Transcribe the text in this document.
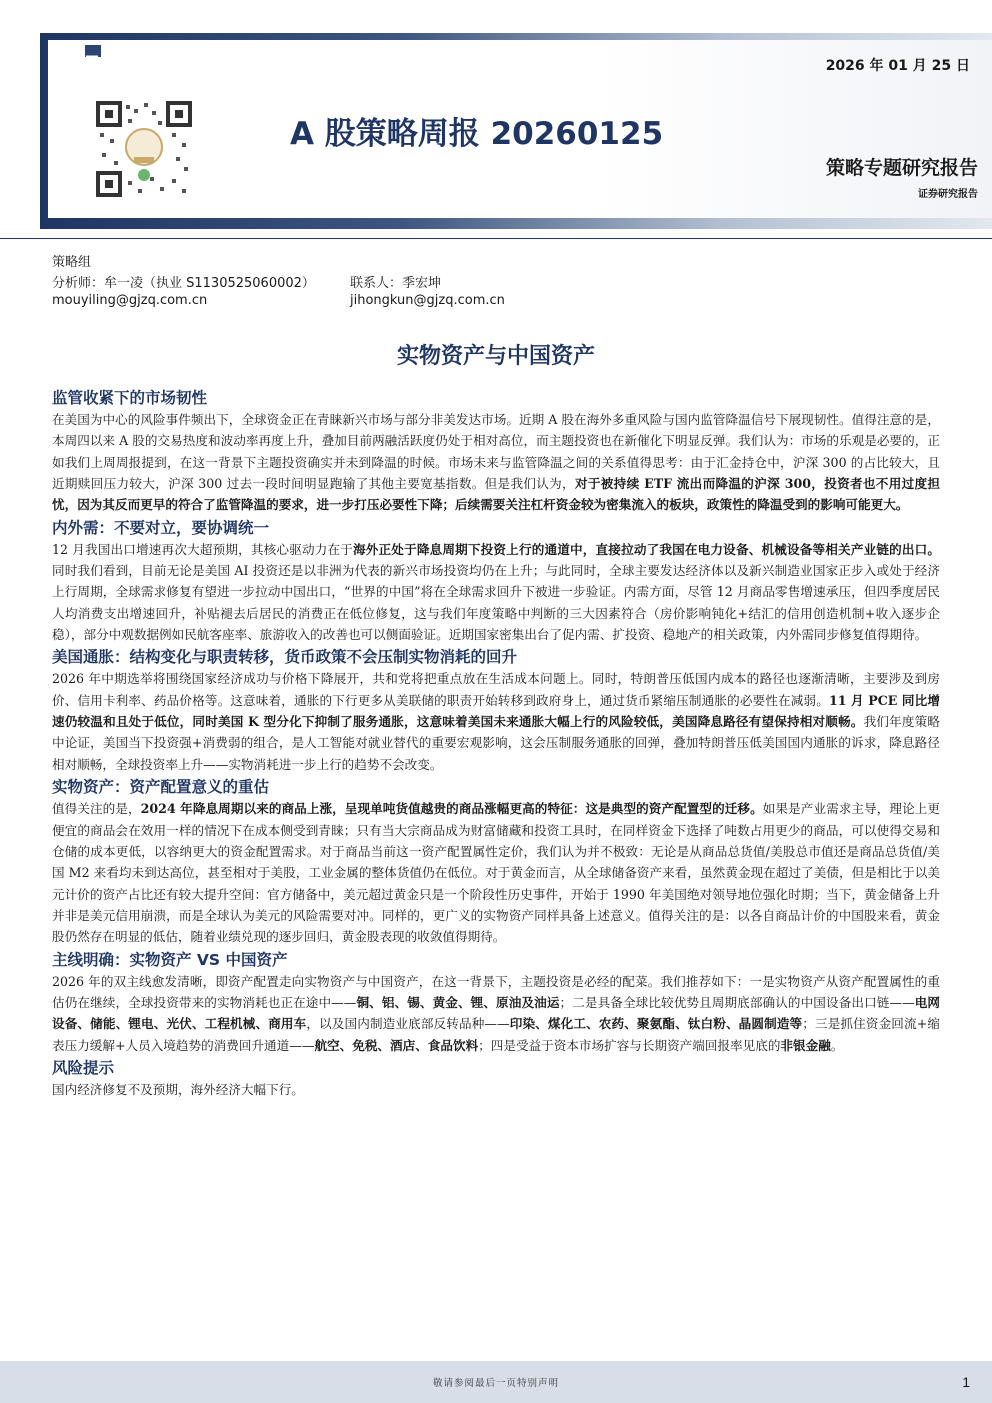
国金证券
SINOLINK SECURITIES	2026 年 01 月 25 日
A 股策略周报 20260125
策略专题研究报告
证券研究报告
策略组
分析师：牟一凌（执业 S1130525060002）	联系人：季宏坤
mouyiling@gjzq.com.cn	jihongkun@gjzq.com.cn
实物资产与中国资产
监管收紧下的市场韧性

在美国为中心的风险事件频出下，全球资金正在青睐新兴市场与部分非美发达市场。近期 A 股在海外多重风险与国内监管降温信号下展现韧性。值得注意的是，本周四以来 A 股的交易热度和波动率再度上升，叠加目前两融活跃度仍处于相对高位，而主题投资也在新催化下明显反弹。我们认为：市场的乐观是必要的，正如我们上周周报提到，在这一背景下主题投资确实并未到降温的时候。市场未来与监管降温之间的关系值得思考：由于汇金持仓中，沪深 300 的占比较大，且近期赎回压力较大，沪深 300 过去一段时间明显跑输了其他主要宽基指数。但是我们认为，对于被持续 ETF 流出而降温的沪深 300，投资者也不用过度担忧，因为其反而更早的符合了监管降温的要求，进一步打压必要性下降；后续需要关注杠杆资金较为密集流入的板块，政策性的降温受到的影响可能更大。

内外需：不要对立，要协调统一

12 月我国出口增速再次大超预期，其核心驱动力在于海外正处于降息周期下投资上行的通道中，直接拉动了我国在电力设备、机械设备等相关产业链的出口。同时我们看到，目前无论是美国 AI 投资还是以非洲为代表的新兴市场投资均仍在上升；与此同时，全球主要发达经济体以及新兴制造业国家正步入或处于经济上行周期，全球需求修复有望进一步拉动中国出口，“世界的中国”将在全球需求回升下被进一步验证。内需方面，尽管 12 月商品零售增速承压，但四季度居民人均消费支出增速回升，补贴褪去后居民的消费正在低位修复，这与我们年度策略中判断的三大因素符合（房价影响钝化+结汇的信用创造机制+收入逐步企稳），部分中观数据例如民航客座率、旅游收入的改善也可以侧面验证。近期国家密集出台了促内需、扩投资、稳地产的相关政策，内外需同步修复值得期待。

美国通胀：结构变化与职责转移，货币政策不会压制实物消耗的回升

2026 年中期选举将围绕国家经济成功与价格下降展开，共和党将把重点放在生活成本问题上。同时，特朗普压低国内成本的路径也逐渐清晰，主要涉及到房价、信用卡利率、药品价格等。这意味着，通胀的下行更多从美联储的职责开始转移到政府身上，通过货币紧缩压制通胀的必要性在减弱。11 月 PCE 同比增速仍较温和且处于低位，同时美国 K 型分化下抑制了服务通胀，这意味着美国未来通胀大幅上行的风险较低，美国降息路径有望保持相对顺畅。我们年度策略中论证，美国当下投资强+消费弱的组合，是人工智能对就业替代的重要宏观影响，这会压制服务通胀的回弹，叠加特朗普压低美国国内通胀的诉求，降息路径相对顺畅，全球投资率上升——实物消耗进一步上行的趋势不会改变。

实物资产：资产配置意义的重估

值得关注的是，2024 年降息周期以来的商品上涨，呈现单吨货值越贵的商品涨幅更高的特征：这是典型的资产配置型的迁移。如果是产业需求主导，理论上更便宜的商品会在效用一样的情况下在成本侧受到青睐；只有当大宗商品成为财富储藏和投资工具时，在同样资金下选择了吨数占用更少的商品，可以使得交易和仓储的成本更低，以容纳更大的资金配置需求。对于商品当前这一资产配置属性定价，我们认为并不极致：无论是从商品总货值/美股总市值还是商品总货值/美国 M2 来看均未到达高位，甚至相对于美股，工业金属的整体货值仍在低位。对于黄金而言，从全球储备资产来看，虽然黄金现在超过了美债，但是相比于以美元计价的资产占比还有较大提升空间：官方储备中，美元超过黄金只是一个阶段性历史事件，开始于 1990 年美国绝对领导地位强化时期；当下，黄金储备上升并非是美元信用崩溃，而是全球认为美元的风险需要对冲。同样的，更广义的实物资产同样具备上述意义。值得关注的是：以各自商品计价的中国股来看，黄金股仍然存在明显的低估，随着业绩兑现的逐步回归，黄金股表现的收敛值得期待。

主线明确：实物资产 VS 中国资产

2026 年的双主线愈发清晰，即资产配置走向实物资产与中国资产，在这一背景下，主题投资是必经的配菜。我们推荐如下：一是实物资产从资产配置属性的重估仍在继续，全球投资带来的实物消耗也正在途中——铜、铝、锡、黄金、锂、原油及油运；二是具备全球比较优势且周期底部确认的中国设备出口链——电网设备、储能、锂电、光伏、工程机械、商用车，以及国内制造业底部反转品种——印染、煤化工、农药、聚氨酯、钛白粉、晶圆制造等；三是抓住资金回流+缩表压力缓解+人员入境趋势的消费回升通道——航空、免税、酒店、食品饮料；四是受益于资本市场扩容与长期资产端回报率见底的非银金融。

风险提示

国内经济修复不及预期，海外经济大幅下行。

敬请参阅最后一页特别声明	1
